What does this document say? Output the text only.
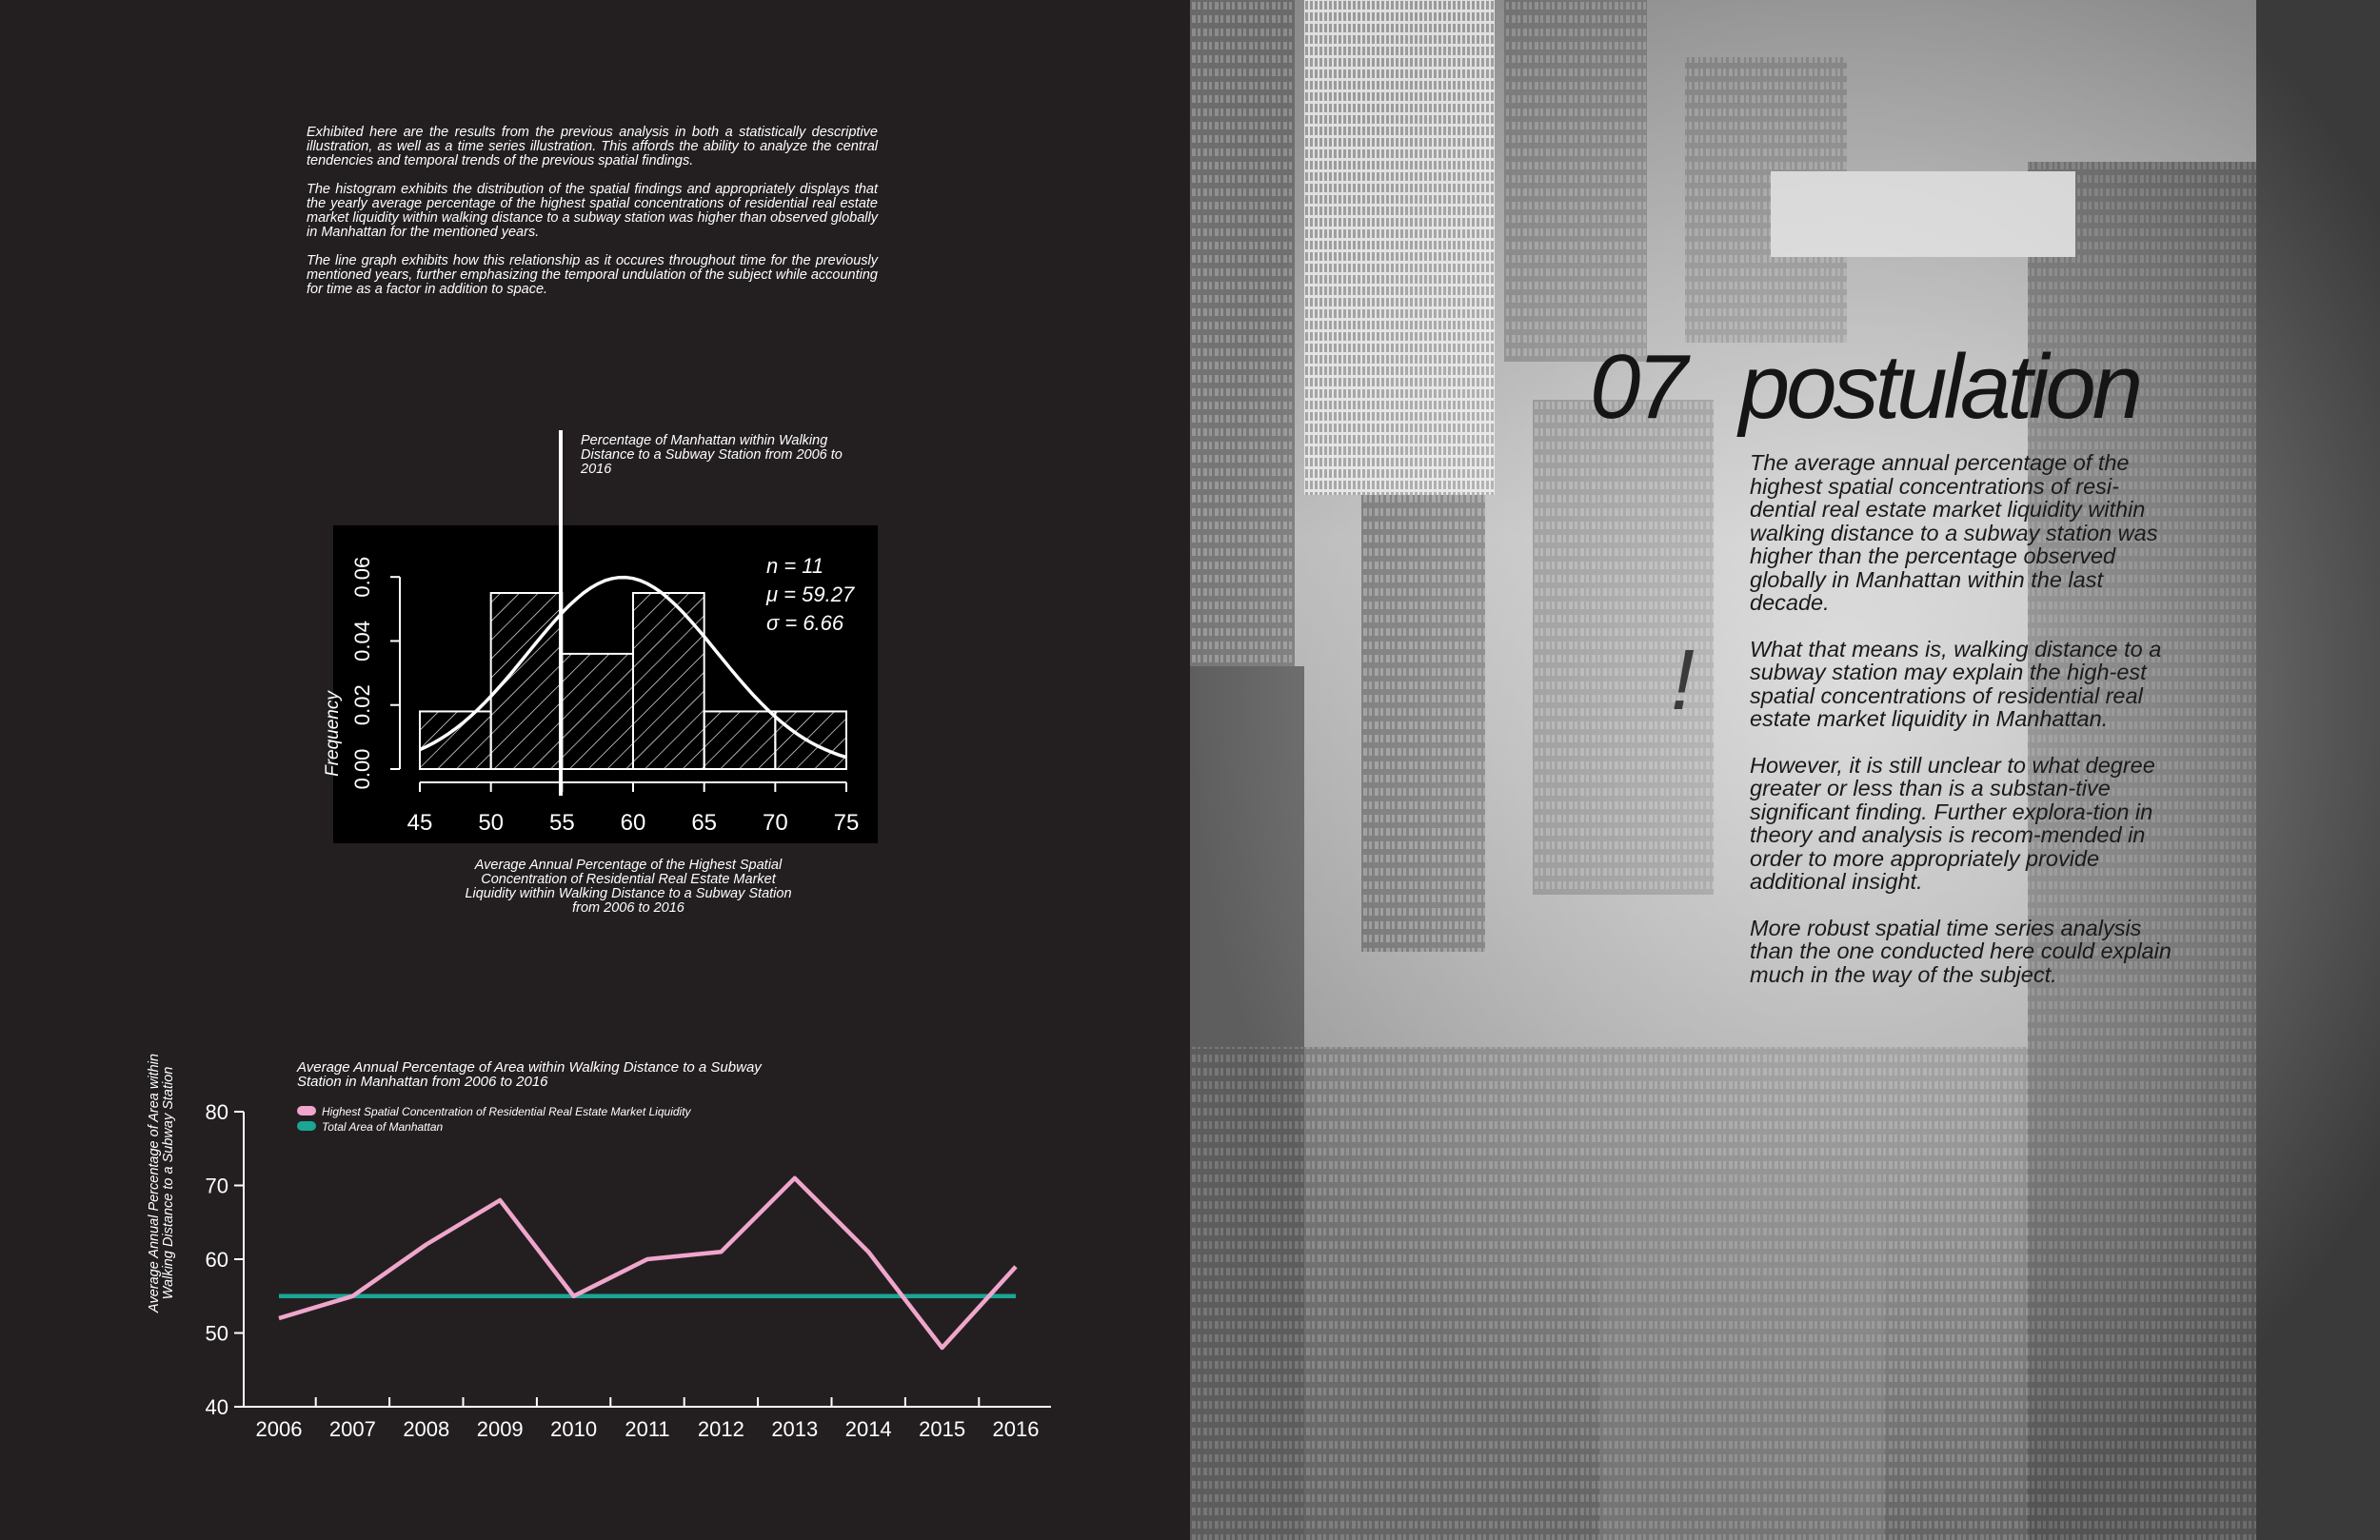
Exhibited here are the results from the previous analysis in both a statistically descriptive illustration, as well as a time series illustration. This affords the ability to analyze the central tendencies and temporal trends of the previous spatial findings.

The histogram exhibits the distribution of the spatial findings and appropriately displays that the yearly average percentage of the highest spatial concentrations of residential real estate market liquidity within walking distance to a subway station was higher than observed globally in Manhattan for the mentioned years.

The line graph exhibits how this relationship as it occures throughout time for the previously mentioned years, further emphasizing the temporal undulation of the subject while accounting for time as a factor in addition to space.

Percentage of Manhattan within Walking Distance to a Subway Station from 2006 to 2016
45 50 55 60 65 70 75
0.00
0.02
0.04
0.06	n = 11
μ = 59.27
σ = 6.66
Frequency
Average Annual Percentage of the Highest Spatial Concentration of Residential Real Estate Market Liquidity within Walking Distance to a Subway Station from 2006 to 2016
Average Annual Percentage of Area within Walking Distance to a Subway Station in Manhattan from 2006 to 2016
Average Annual Percentage of Area within Walking Distance to a Subway Station
40
50
60
70
80
2006 2007 2008 2009 2010 2011 2012 2013 2014 2015 2016
Highest Spatial Concentration of Residential Real Estate Market Liquidity
Total Area of Manhattan
07 postulation
!

The average annual percentage of the highest spatial concentrations of resi-dential real estate market liquidity within walking distance to a subway station was higher than the percentage observed globally in Manhattan within the last decade.

What that means is, walking distance to a subway station may explain the high-est spatial concentrations of residential real estate market liquidity in Manhattan.

However, it is still unclear to what degree greater or less than is a substan-tive significant finding. Further explora-tion in theory and analysis is recom-mended in order to more appropriately provide additional insight.

More robust spatial time series analysis than the one conducted here could explain much in the way of the subject.
